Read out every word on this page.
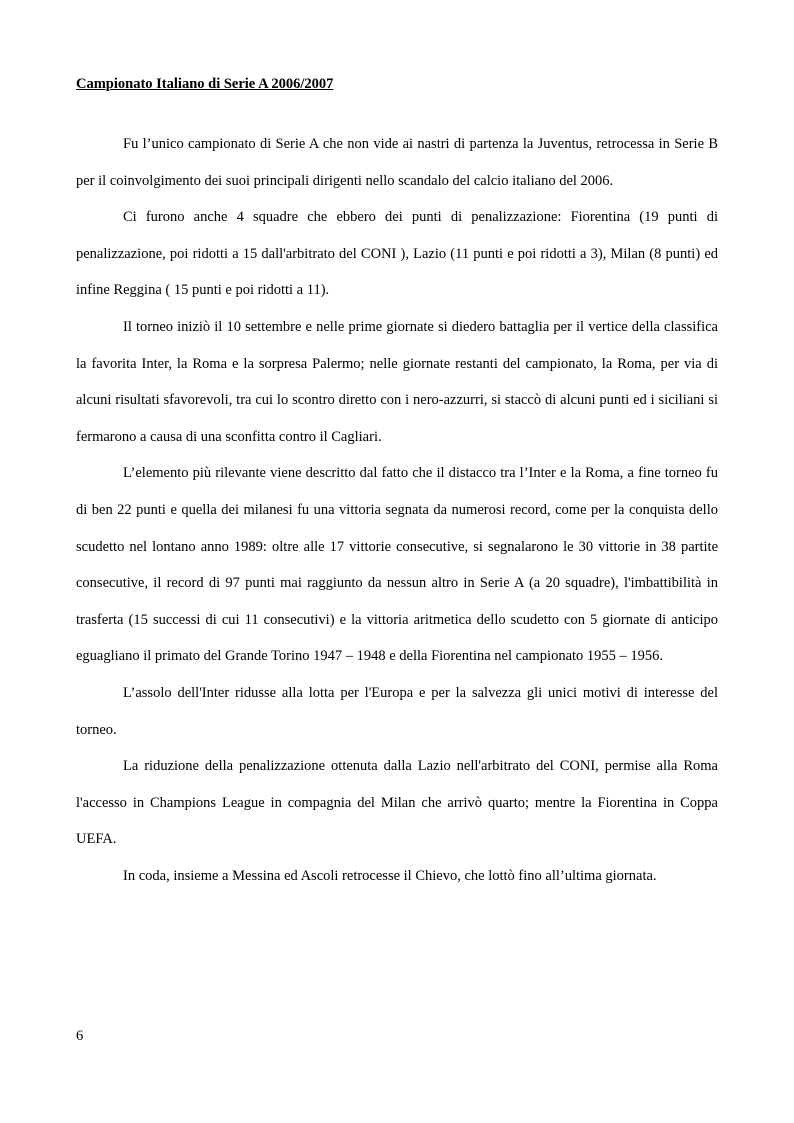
Campionato Italiano di Serie A 2006/2007

Fu l’unico campionato di Serie A che non vide ai nastri di partenza la Juventus, retrocessa in Serie B per il coinvolgimento dei suoi principali dirigenti nello scandalo del calcio italiano del 2006.

Ci furono anche 4 squadre che ebbero dei punti di penalizzazione: Fiorentina (19 punti di penalizzazione, poi ridotti a 15 dall'arbitrato del CONI ), Lazio (11 punti e poi ridotti a 3), Milan (8 punti) ed infine Reggina ( 15 punti e poi ridotti a 11).

Il torneo iniziò il 10 settembre e nelle prime giornate si diedero battaglia per il vertice della classifica la favorita Inter, la Roma e la sorpresa Palermo; nelle giornate restanti del campionato, la Roma, per via di alcuni risultati sfavorevoli, tra cui lo scontro diretto con i nero-azzurri, si staccò di alcuni punti ed i siciliani si fermarono a causa di una sconfitta contro il Cagliari.

L’elemento più rilevante viene descritto dal fatto che il distacco tra l’Inter e la Roma, a fine torneo fu di ben 22 punti e quella dei milanesi fu una vittoria segnata da numerosi record, come per la conquista dello scudetto nel lontano anno 1989: oltre alle 17 vittorie consecutive, si segnalarono le 30 vittorie in 38 partite consecutive, il record di 97 punti mai raggiunto da nessun altro in Serie A (a 20 squadre), l'imbattibilità in trasferta (15 successi di cui 11 consecutivi) e la vittoria aritmetica dello scudetto con 5 giornate di anticipo eguagliano il primato del Grande Torino 1947 – 1948 e della Fiorentina nel campionato 1955 – 1956.

L’assolo dell'Inter ridusse alla lotta per l'Europa e per la salvezza gli unici motivi di interesse del torneo.

La riduzione della penalizzazione ottenuta dalla Lazio nell'arbitrato del CONI, permise alla Roma l'accesso in Champions League in compagnia del Milan che arrivò quarto; mentre la Fiorentina in Coppa UEFA.

In coda, insieme a Messina ed Ascoli retrocesse il Chievo, che lottò fino all’ultima giornata.

6
